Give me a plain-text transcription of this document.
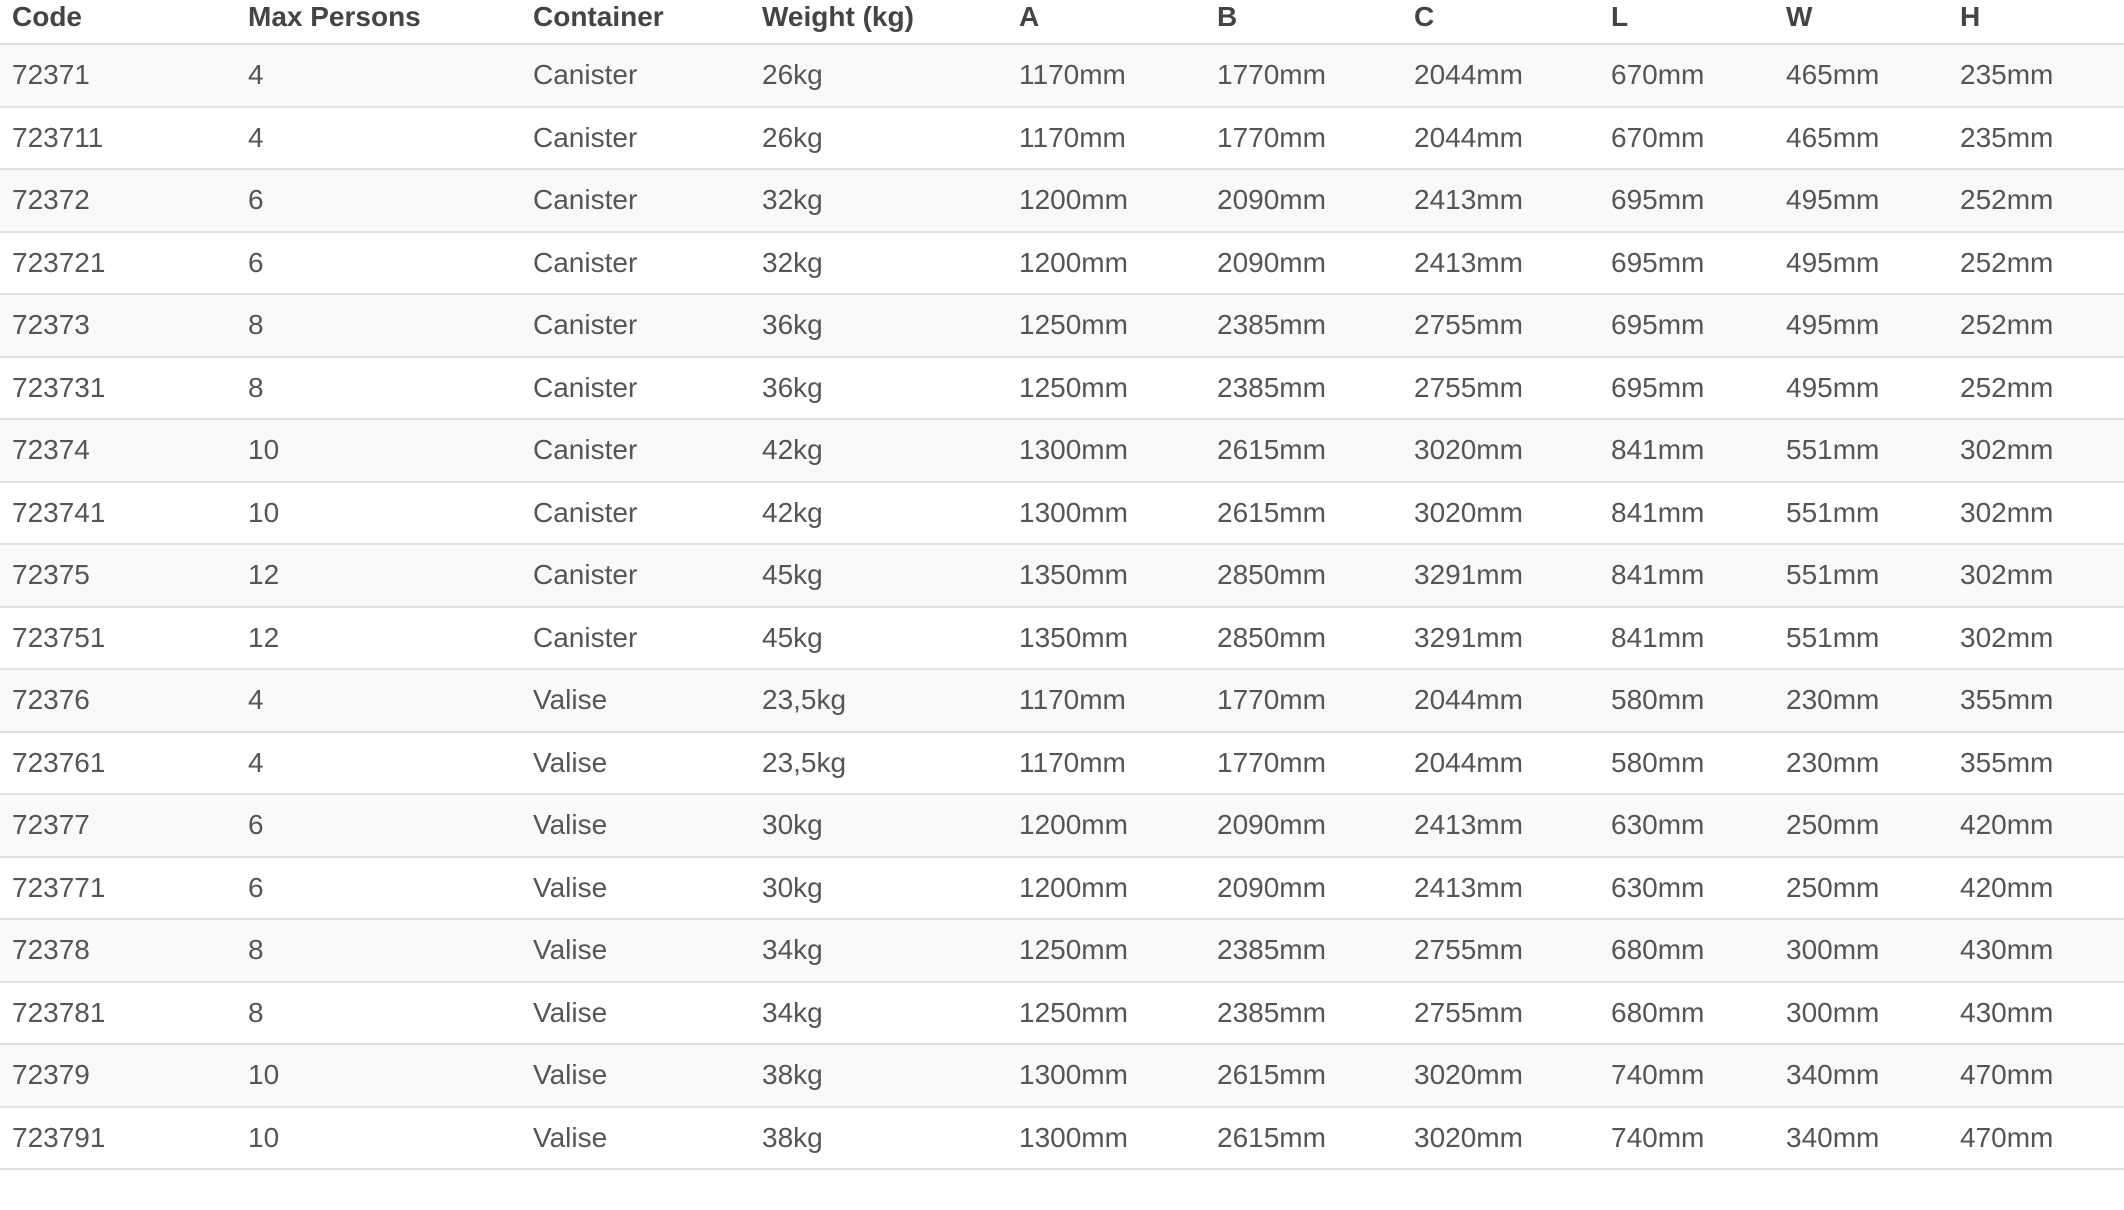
Code	Max Persons	Container	Weight (kg)	A	B	C	L	W	H
72371	4	Canister	26kg	1170mm	1770mm	2044mm	670mm	465mm	235mm
723711	4	Canister	26kg	1170mm	1770mm	2044mm	670mm	465mm	235mm
72372	6	Canister	32kg	1200mm	2090mm	2413mm	695mm	495mm	252mm
723721	6	Canister	32kg	1200mm	2090mm	2413mm	695mm	495mm	252mm
72373	8	Canister	36kg	1250mm	2385mm	2755mm	695mm	495mm	252mm
723731	8	Canister	36kg	1250mm	2385mm	2755mm	695mm	495mm	252mm
72374	10	Canister	42kg	1300mm	2615mm	3020mm	841mm	551mm	302mm
723741	10	Canister	42kg	1300mm	2615mm	3020mm	841mm	551mm	302mm
72375	12	Canister	45kg	1350mm	2850mm	3291mm	841mm	551mm	302mm
723751	12	Canister	45kg	1350mm	2850mm	3291mm	841mm	551mm	302mm
72376	4	Valise	23,5kg	1170mm	1770mm	2044mm	580mm	230mm	355mm
723761	4	Valise	23,5kg	1170mm	1770mm	2044mm	580mm	230mm	355mm
72377	6	Valise	30kg	1200mm	2090mm	2413mm	630mm	250mm	420mm
723771	6	Valise	30kg	1200mm	2090mm	2413mm	630mm	250mm	420mm
72378	8	Valise	34kg	1250mm	2385mm	2755mm	680mm	300mm	430mm
723781	8	Valise	34kg	1250mm	2385mm	2755mm	680mm	300mm	430mm
72379	10	Valise	38kg	1300mm	2615mm	3020mm	740mm	340mm	470mm
723791	10	Valise	38kg	1300mm	2615mm	3020mm	740mm	340mm	470mm
